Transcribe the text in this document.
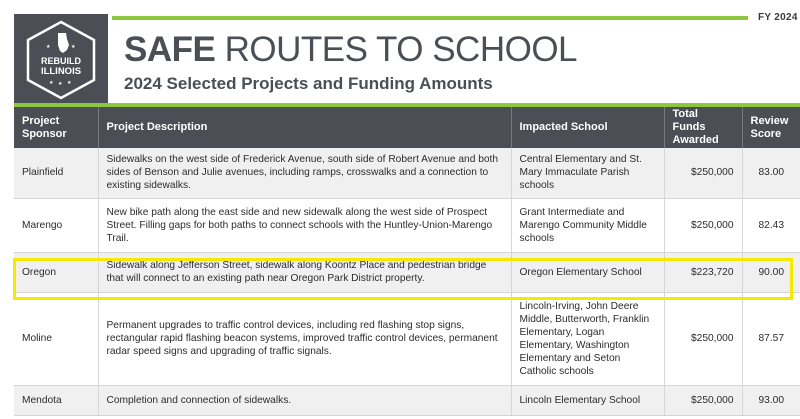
★	★
REBUILD
ILLINOIS
★ ★ ★
FY 2024
SAFE ROUTES TO SCHOOL
2024 Selected Projects and Funding Amounts
Project Sponsor	Project Description	Impacted School	Total Funds Awarded	Review Score
Plainfield	Sidewalks on the west side of Frederick Avenue, south side of Robert Avenue and both sides of Benson and Julie avenues, including ramps, crosswalks and a connection to existing sidewalks.	Central Elementary and St. Mary Immaculate Parish schools	$250,000	83.00
Marengo	New bike path along the east side and new sidewalk along the west side of Prospect Street. Filling gaps for both paths to connect schools with the Huntley-Union-Marengo Trail.	Grant Intermediate and Marengo Community Middle schools	$250,000	82.43
Oregon	Sidewalk along Jefferson Street, sidewalk along Koontz Place and pedestrian bridge that will connect to an existing path near Oregon Park District property.	Oregon Elementary School	$223,720	90.00
Moline	Permanent upgrades to traffic control devices, including red flashing stop signs, rectangular rapid flashing beacon systems, improved traffic control devices, permanent radar speed signs and upgrading of traffic signals.	Lincoln-Irving, John Deere Middle, Butterworth, Franklin Elementary, Logan Elementary, Washington Elementary and Seton Catholic schools	$250,000	87.57
Mendota	Completion and connection of sidewalks.	Lincoln Elementary School	$250,000	93.00
